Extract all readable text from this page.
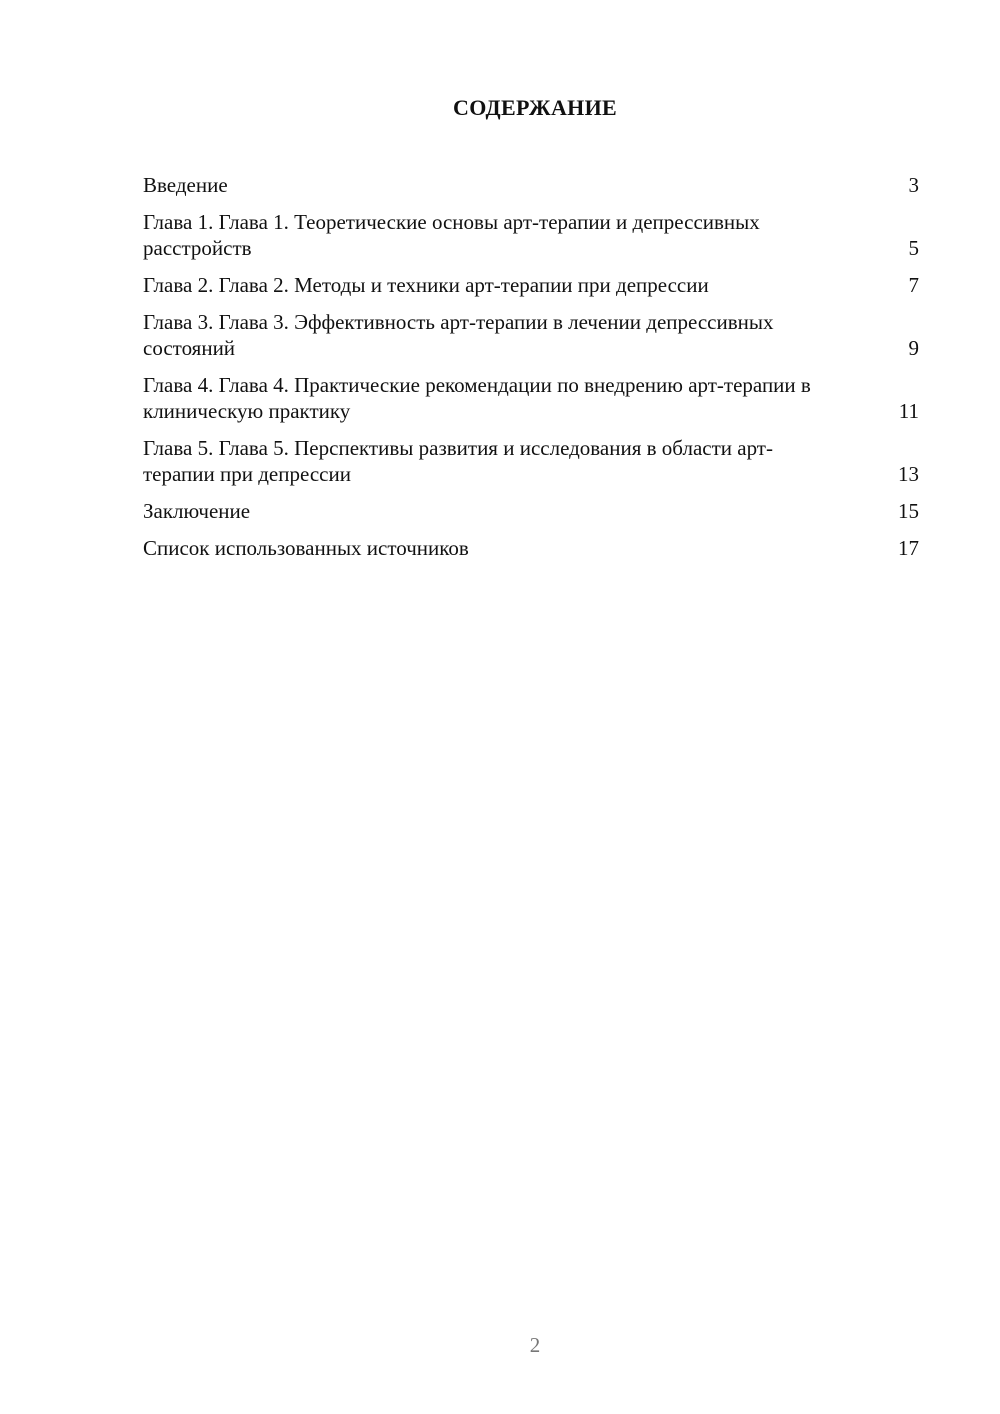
СОДЕРЖАНИЕ
Введение	3
Глава 1. Глава 1. Теоретические основы арт-терапии и депрессивных расстройств	5
Глава 2. Глава 2. Методы и техники арт-терапии при депрессии	7
Глава 3. Глава 3. Эффективность арт-терапии в лечении депрессивных состояний	9
Глава 4. Глава 4. Практические рекомендации по внедрению арт-терапии в клиническую практику	11
Глава 5. Глава 5. Перспективы развития и исследования в области арт-терапии при депрессии	13
Заключение	15
Список использованных источников	17
2
